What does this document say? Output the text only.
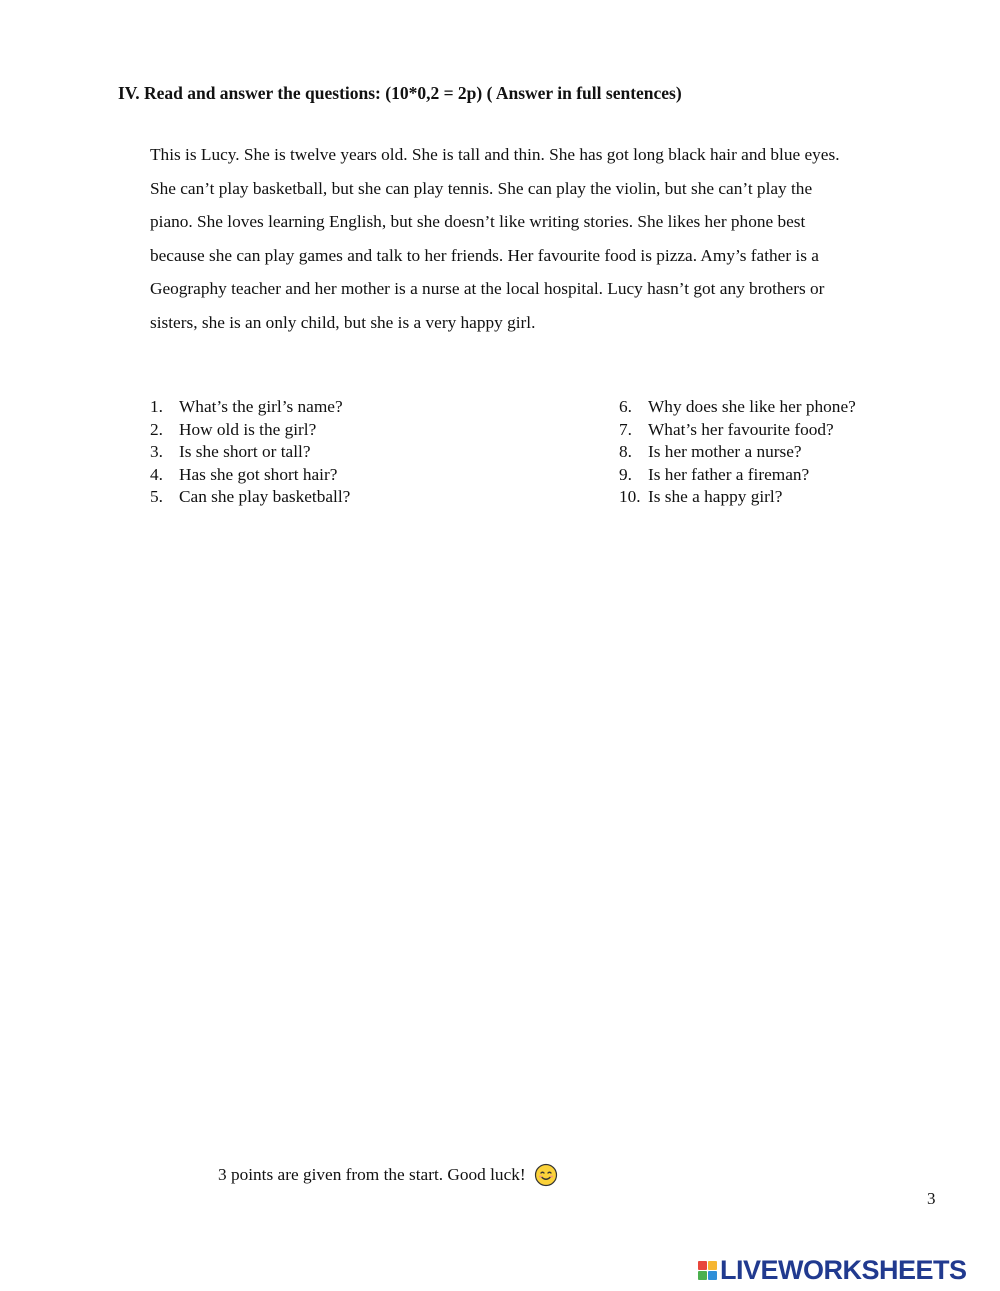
IV. Read and answer the questions: (10*0,2 = 2p) ( Answer in full sentences)

This is Lucy. She is twelve years old. She is tall and thin. She has got long black hair and blue eyes.
She can’t play basketball, but she can play tennis. She can play the violin, but she can’t play the
piano. She loves learning English, but she doesn’t like writing stories. She likes her phone best
because she can play games and talk to her friends. Her favourite food is pizza. Amy’s father is a
Geography teacher and her mother is a nurse at the local hospital. Lucy hasn’t got any brothers or
sisters, she is an only child, but she is a very happy girl.

1. What’s the girl’s name?
2. How old is the girl?
3. Is she short or tall?
4. Has she got short hair?
5. Can she play basketball?
6. Why does she like her phone?
7. What’s her favourite food?
8. Is her mother a nurse?
9. Is her father a fireman?
10. Is she a happy girl?
3 points are given from the start. Good luck!
3
LIVEWORKSHEETS
